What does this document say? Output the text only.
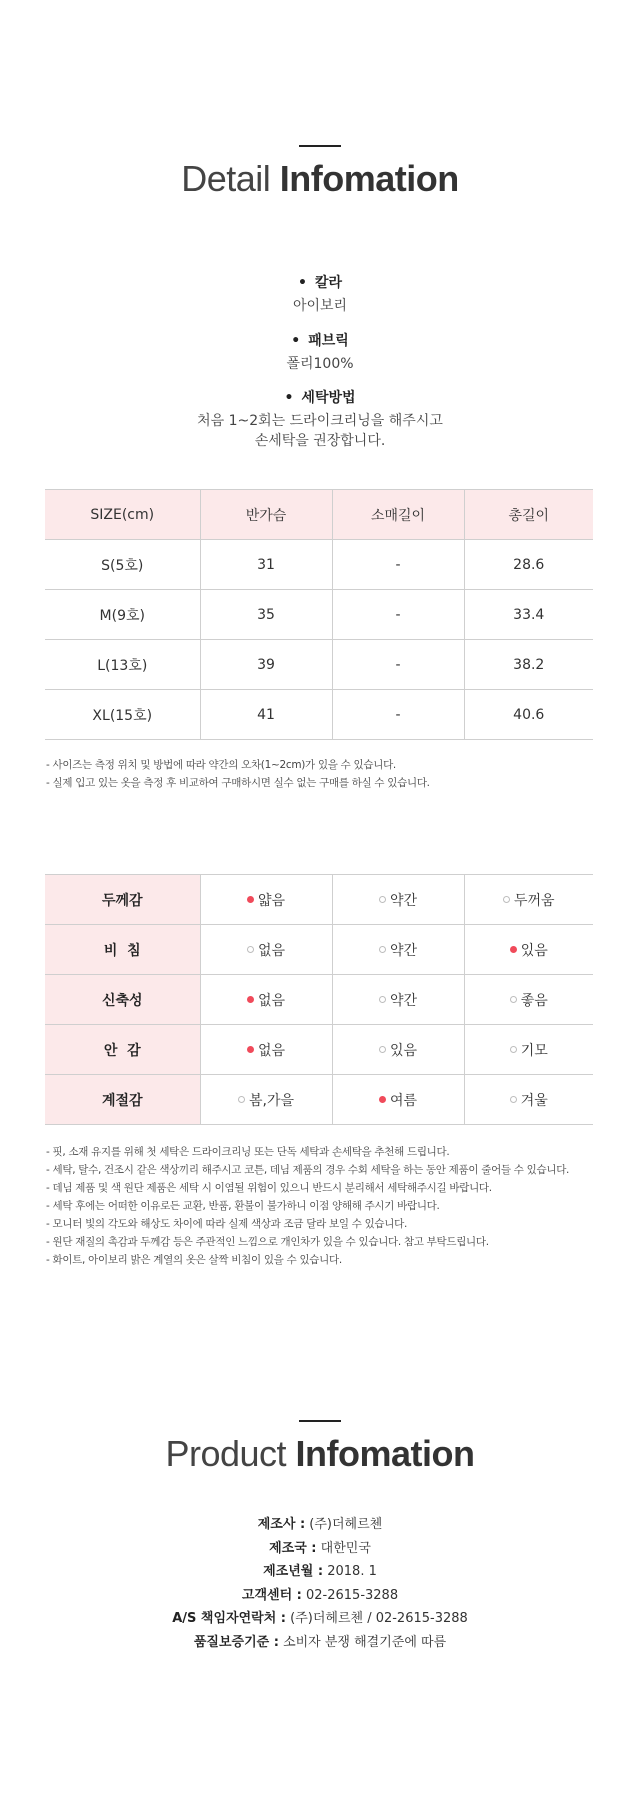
Detail Infomation
• 칼라
아이보리
• 패브릭
폴리100%
• 세탁방법
처음 1~2회는 드라이크리닝을 해주시고
손세탁을 권장합니다.
SIZE(cm)	반가슴	소매길이	총길이
S(5호)	31	-	28.6
M(9호)	35	-	33.4
L(13호)	39	-	38.2
XL(15호)	41	-	40.6
- 사이즈는 측정 위치 및 방법에 따라 약간의 오차(1~2cm)가 있을 수 있습니다.
- 실제 입고 있는 옷을 측정 후 비교하여 구매하시면 실수 없는 구매를 하실 수 있습니다.
두께감	얇음	약간	두꺼움

비  침	없음	약간	있음

신축성	없음	약간	좋음

안  감	없음	있음	기모

계절감	봄,가을	여름	겨울
- 핏, 소재 유지를 위해 첫 세탁은 드라이크리닝 또는 단독 세탁과 손세탁을 추천해 드립니다.
- 세탁, 탈수, 건조시 같은 색상끼리 해주시고 코튼, 데님 제품의 경우 수회 세탁을 하는 동안 제품이 줄어들 수 있습니다.
- 데님 제품 및 색 원단 제품은 세탁 시 이염될 위험이 있으니 반드시 분리해서 세탁해주시길 바랍니다.
- 세탁 후에는 어떠한 이유로든 교환, 반품, 환불이 불가하니 이점 양해해 주시기 바랍니다.
- 모니터 빛의 각도와 해상도 차이에 따라 실제 색상과 조금 달라 보일 수 있습니다.
- 원단 재질의 촉감과 두께감 등은 주관적인 느낌으로 개인차가 있을 수 있습니다. 참고 부탁드립니다.
- 화이트, 아이보리 밝은 계열의 옷은 살짝 비침이 있을 수 있습니다.
Product Infomation
제조사 : (주)더헤르첸
제조국 : 대한민국
제조년월 : 2018. 1
고객센터 : 02-2615-3288
A/S 책임자연락처 : (주)더헤르첸 / 02-2615-3288
품질보증기준 : 소비자 분쟁 해결기준에 따름
